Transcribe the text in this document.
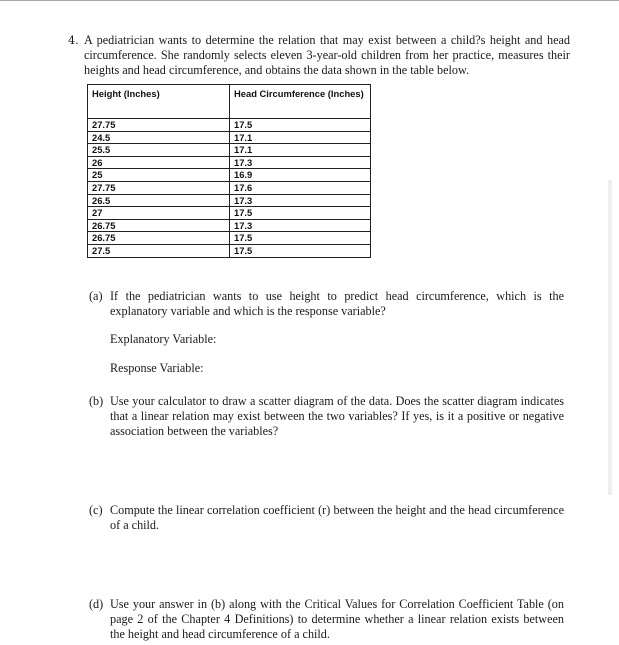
4. A pediatrician wants to determine the relation that may exist between a child?s height and head circumference. She randomly selects eleven 3-year-old children from her practice, measures their heights and head circumference, and obtains the data shown in the table below.
Height (Inches)	Head Circumference (Inches)
27.75	17.5
24.5	17.1
25.5	17.1
26	17.3
25	16.9
27.75	17.6
26.5	17.3
27	17.5
26.75	17.3
26.75	17.5
27.5	17.5
(a) If the pediatrician wants to use height to predict head circumference, which is the explanatory variable and which is the response variable?
Explanatory Variable:
Response Variable:
(b) Use your calculator to draw a scatter diagram of the data. Does the scatter diagram indicates that a linear relation may exist between the two variables? If yes, is it a positive or negative association between the variables?
(c) Compute the linear correlation coefficient (r) between the height and the head circumference of a child.
(d) Use your answer in (b) along with the Critical Values for Correlation Coefficient Table (on page 2 of the Chapter 4 Definitions) to determine whether a linear relation exists between the height and head circumference of a child.
